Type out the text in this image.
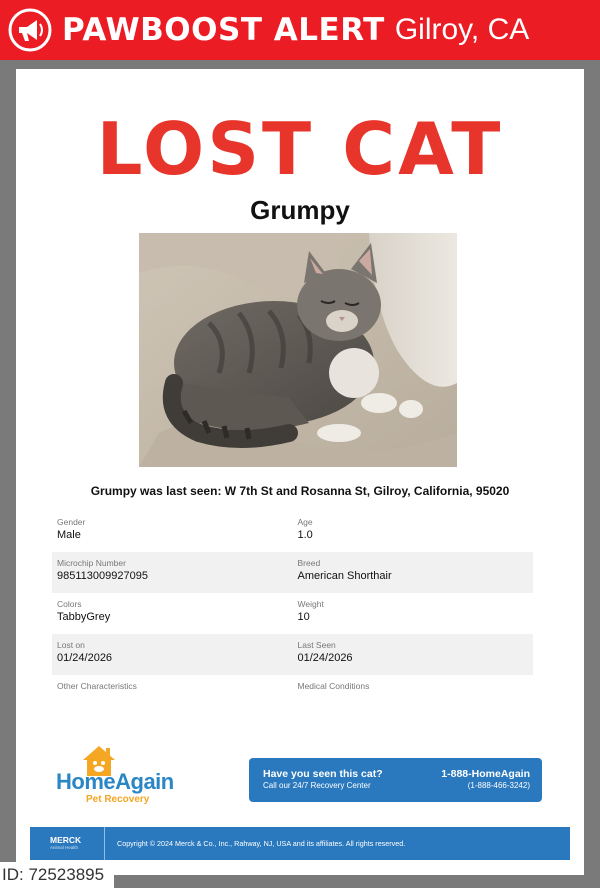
PAWBOOST ALERT Gilroy, CA
LOST CAT
Grumpy
Grumpy was last seen: W 7th St and Rosanna St, Gilroy, California, 95020
Gender
Male
Age
1.0
Microchip Number
985113009927095
Breed
American Shorthair
Colors
TabbyGrey
Weight
10
Lost on
01/24/2026
Last Seen
01/24/2026
Other Characteristics	Medical Conditions
HomeAgain
Pet Recovery
Have you seen this cat?
Call our 24/7 Recovery Center
1-888-HomeAgain
(1-888-466-3242)
MERCK
Animal Health	Copyright © 2024 Merck & Co., Inc., Rahway, NJ, USA and its affiliates. All rights reserved.
ID: 72523895
